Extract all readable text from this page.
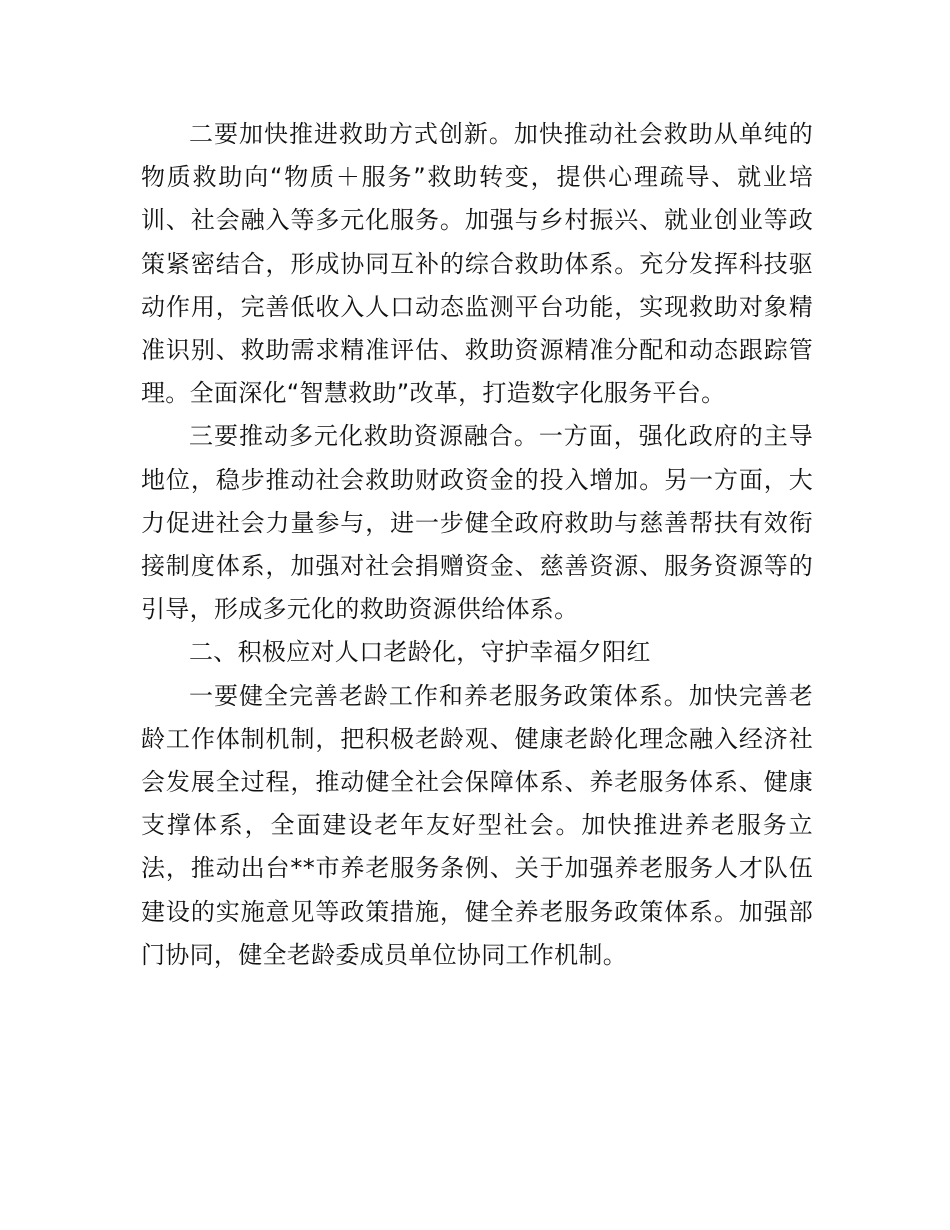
二要加快推进救助方式创新。加快推动社会救助从单纯的物质救助向“物质＋服务”救助转变，提供心理疏导、就业培训、社会融入等多元化服务。加强与乡村振兴、就业创业等政策紧密结合，形成协同互补的综合救助体系。充分发挥科技驱动作用，完善低收入人口动态监测平台功能，实现救助对象精准识别、救助需求精准评估、救助资源精准分配和动态跟踪管理。全面深化“智慧救助”改革，打造数字化服务平台。

三要推动多元化救助资源融合。一方面，强化政府的主导地位，稳步推动社会救助财政资金的投入增加。另一方面，大力促进社会力量参与，进一步健全政府救助与慈善帮扶有效衔接制度体系，加强对社会捐赠资金、慈善资源、服务资源等的引导，形成多元化的救助资源供给体系。

二、积极应对人口老龄化，守护幸福夕阳红

一要健全完善老龄工作和养老服务政策体系。加快完善老龄工作体制机制，把积极老龄观、健康老龄化理念融入经济社会发展全过程，推动健全社会保障体系、养老服务体系、健康支撑体系，全面建设老年友好型社会。加快推进养老服务立法，推动出台**市养老服务条例、关于加强养老服务人才队伍建设的实施意见等政策措施，健全养老服务政策体系。加强部门协同，健全老龄委成员单位协同工作机制。
